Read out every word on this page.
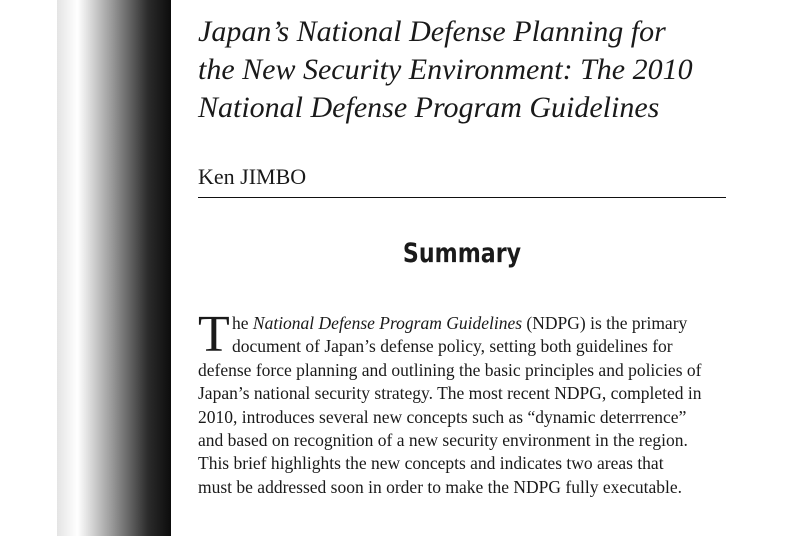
Japan’s National Defense Planning for
the New Security Environment: The 2010
National Defense Program Guidelines

Ken JIMBO

Summary
T he National Defense Program Guidelines (NDPG) is the primary
document of Japan’s defense policy, setting both guidelines for
defense force planning and outlining the basic principles and policies of
Japan’s national security strategy. The most recent NDPG, completed in
2010, introduces several new concepts such as “dynamic deterrrence”
and based on recognition of a new security environment in the region.
This brief highlights the new concepts and indicates two areas that
must be addressed soon in order to make the NDPG fully executable.
